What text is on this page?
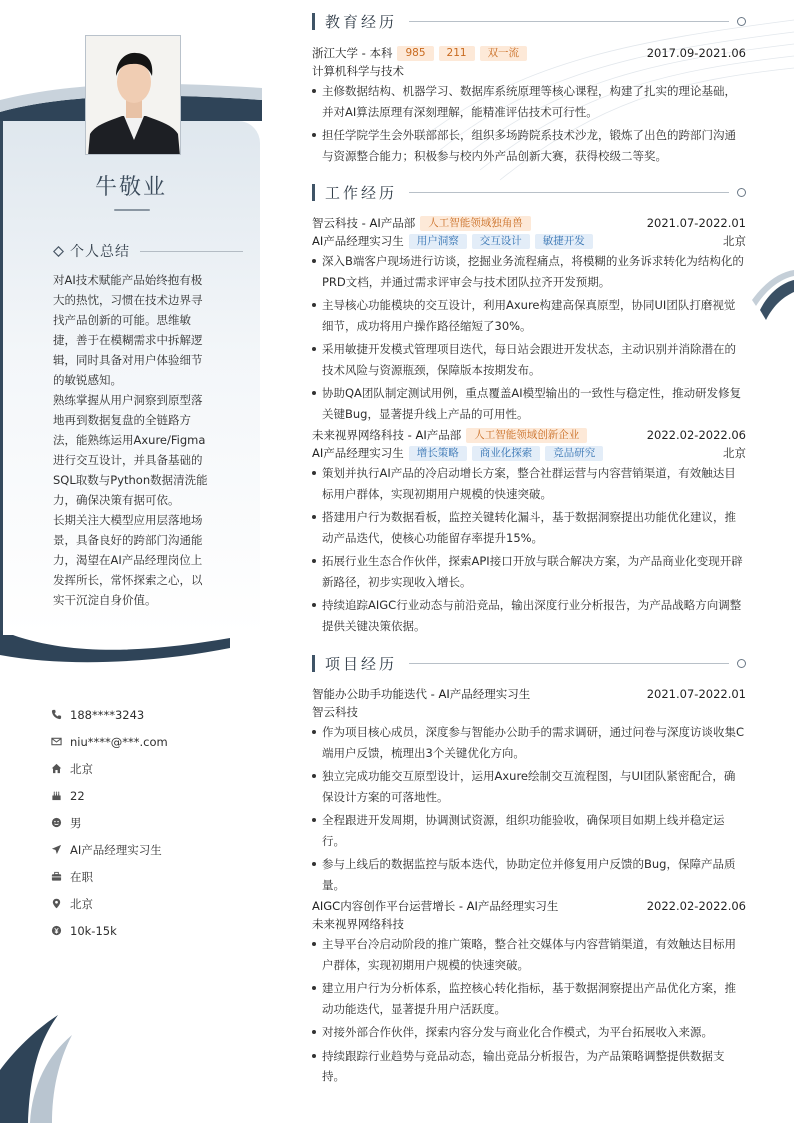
牛敬业
个人总结

对AI技术赋能产品始终抱有极大的热忱，习惯在技术边界寻找产品创新的可能。思维敏捷，善于在模糊需求中拆解逻辑，同时具备对用户体验细节的敏锐感知。

熟练掌握从用户洞察到原型落地再到数据复盘的全链路方法，能熟练运用Axure/Figma进行交互设计，并具备基础的SQL取数与Python数据清洗能力，确保决策有据可依。

长期关注大模型应用层落地场景，具备良好的跨部门沟通能力，渴望在AI产品经理岗位上发挥所长，常怀探索之心，以实干沉淀自身价值。

188****3243
niu****@***.com
北京
22
男
AI产品经理实习生
在职
北京
10k-15k
教育经历
浙江大学 - 本科	985	211	双一流	2017.09-2021.06
计算机科学与技术
主修数据结构、机器学习、数据库系统原理等核心课程，构建了扎实的理论基础，并对AI算法原理有深刻理解，能精准评估技术可行性。
担任学院学生会外联部部长，组织多场跨院系技术沙龙，锻炼了出色的跨部门沟通与资源整合能力；积极参与校内外产品创新大赛，获得校级二等奖。
工作经历
智云科技 - AI产品部	人工智能领域独角兽	2021.07-2022.01
AI产品经理实习生	用户洞察	交互设计	敏捷开发	北京
深入B端客户现场进行访谈，挖掘业务流程痛点，将模糊的业务诉求转化为结构化的PRD文档，并通过需求评审会与技术团队拉齐开发预期。
主导核心功能模块的交互设计，利用Axure构建高保真原型，协同UI团队打磨视觉细节，成功将用户操作路径缩短了30%。
采用敏捷开发模式管理项目迭代，每日站会跟进开发状态，主动识别并消除潜在的技术风险与资源瓶颈，保障版本按期发布。
协助QA团队制定测试用例，重点覆盖AI模型输出的一致性与稳定性，推动研发修复关键Bug，显著提升线上产品的可用性。
未来视界网络科技 - AI产品部	人工智能领域创新企业	2022.02-2022.06
AI产品经理实习生	增长策略	商业化探索	竞品研究	北京
策划并执行AI产品的冷启动增长方案，整合社群运营与内容营销渠道，有效触达目标用户群体，实现初期用户规模的快速突破。
搭建用户行为数据看板，监控关键转化漏斗，基于数据洞察提出功能优化建议，推动产品迭代，使核心功能留存率提升15%。
拓展行业生态合作伙伴，探索API接口开放与联合解决方案，为产品商业化变现开辟新路径，初步实现收入增长。
持续追踪AIGC行业动态与前沿竞品，输出深度行业分析报告，为产品战略方向调整提供关键决策依据。
项目经历
智能办公助手功能迭代 - AI产品经理实习生	2021.07-2022.01
智云科技
作为项目核心成员，深度参与智能办公助手的需求调研，通过问卷与深度访谈收集C端用户反馈，梳理出3个关键优化方向。
独立完成功能交互原型设计，运用Axure绘制交互流程图，与UI团队紧密配合，确保设计方案的可落地性。
全程跟进开发周期，协调测试资源，组织功能验收，确保项目如期上线并稳定运行。
参与上线后的数据监控与版本迭代，协助定位并修复用户反馈的Bug，保障产品质量。
AIGC内容创作平台运营增长 - AI产品经理实习生	2022.02-2022.06
未来视界网络科技
主导平台冷启动阶段的推广策略，整合社交媒体与内容营销渠道，有效触达目标用户群体，实现初期用户规模的快速突破。
建立用户行为分析体系，监控核心转化指标，基于数据洞察提出产品优化方案，推动功能迭代，显著提升用户活跃度。
对接外部合作伙伴，探索内容分发与商业化合作模式，为平台拓展收入来源。
持续跟踪行业趋势与竞品动态，输出竞品分析报告，为产品策略调整提供数据支持。
